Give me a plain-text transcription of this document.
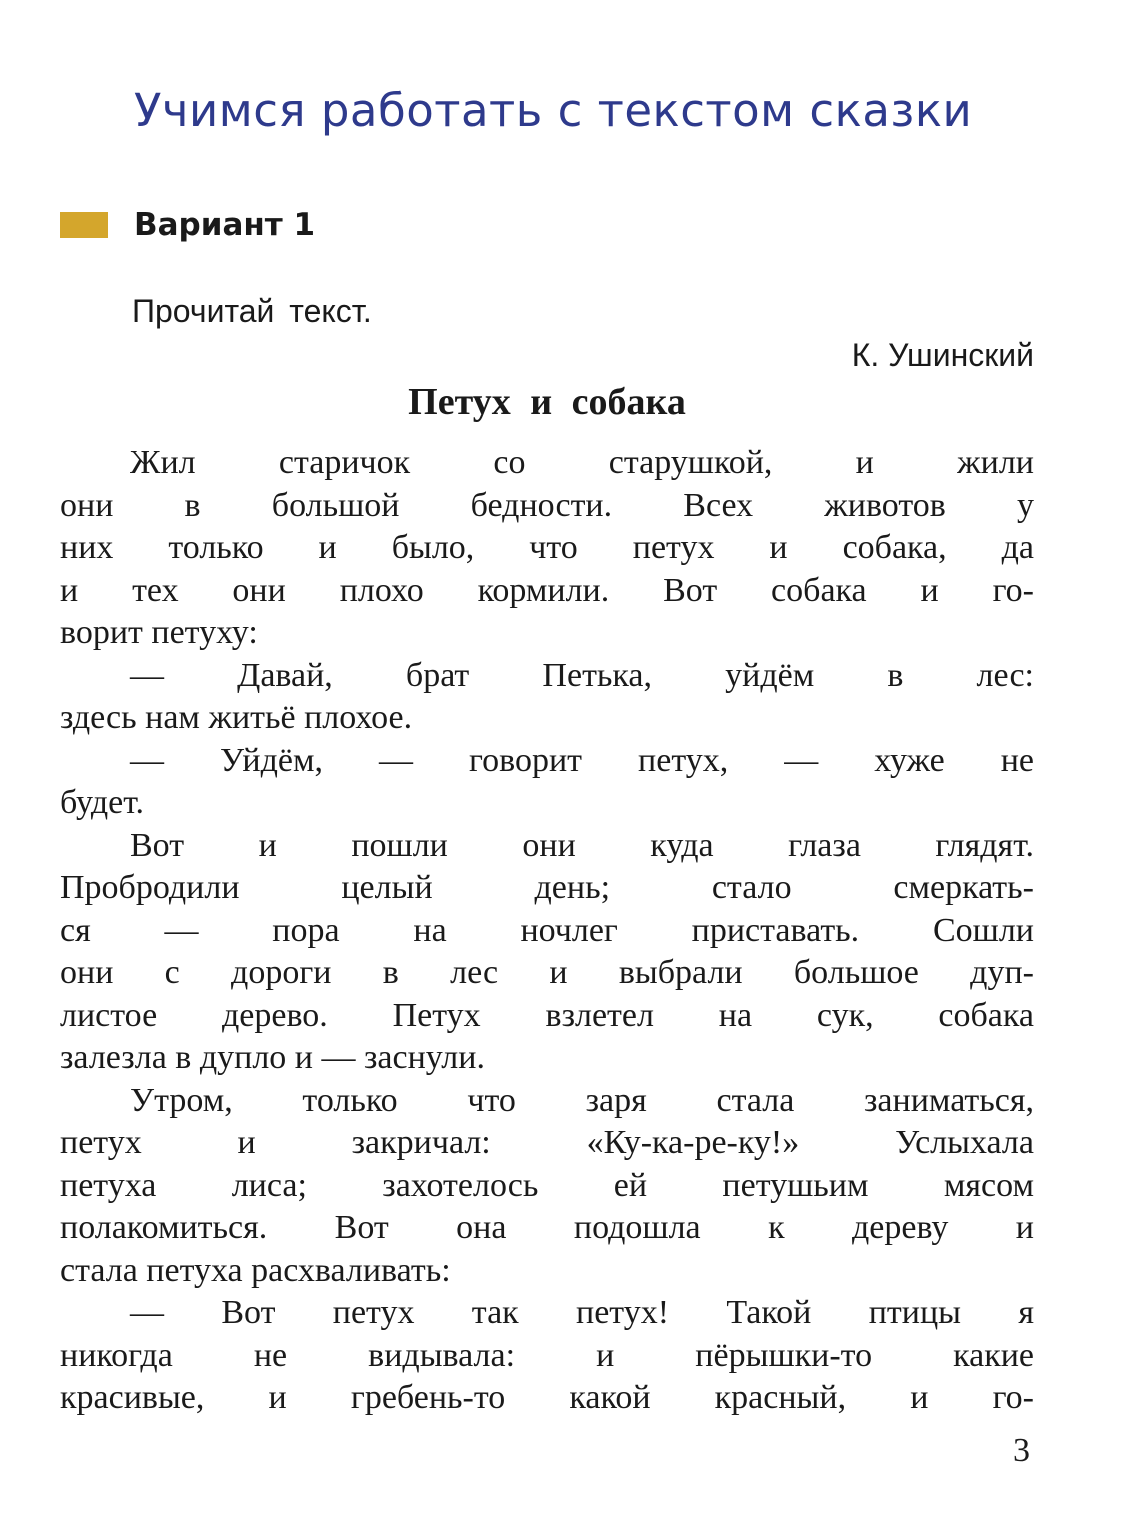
Учимся работать с текстом сказки
Вариант 1
Прочитай текст.
К. Ушинский
Петух и собака
Жил старичок со старушкой, и жили
они в большой бедности. Всех животов у
них только и было, что петух и собака, да
и тех они плохо кормили. Вот собака и го-
ворит петуху:
— Давай, брат Петька, уйдём в лес:
здесь нам житьё плохое.
— Уйдём, — говорит петух, — хуже не
будет.
Вот и пошли они куда глаза глядят.
Пробродили целый день; стало смеркать-
ся — пора на ночлег приставать. Сошли
они с дороги в лес и выбрали большое дуп-
листое дерево. Петух взлетел на сук, собака
залезла в дупло и — заснули.
Утром, только что заря стала заниматься,
петух и закричал: «Ку-ка-ре-ку!» Услыхала
петуха лиса; захотелось ей петушьим мясом
полакомиться. Вот она подошла к дереву и
стала петуха расхваливать:
— Вот петух так петух! Такой птицы я
никогда не видывала: и пёрышки-то какие
красивые, и гребень-то какой красный, и го-
3
